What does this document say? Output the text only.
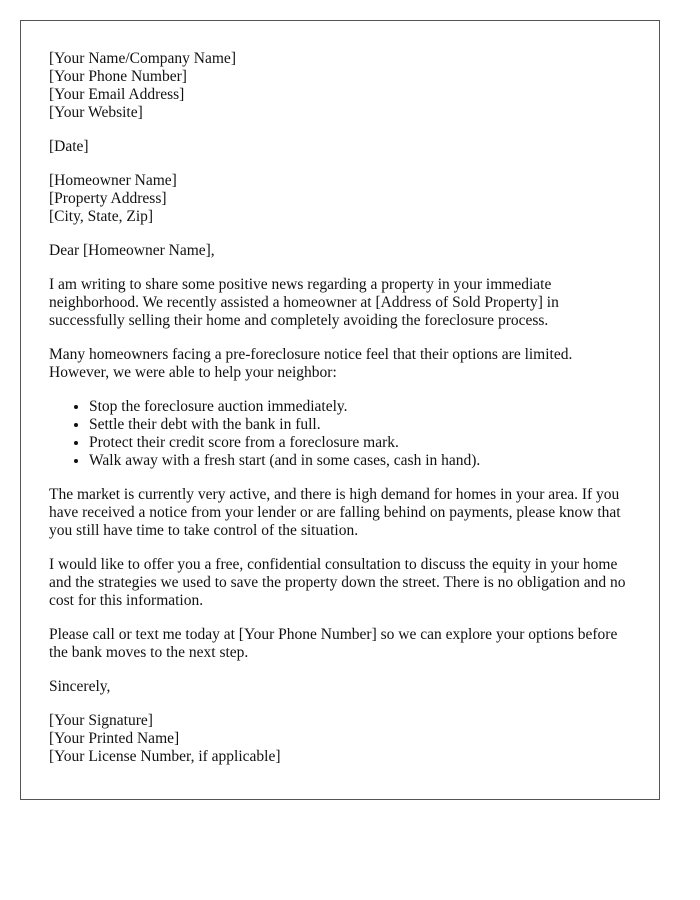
[Your Name/Company Name]
[Your Phone Number]
[Your Email Address]
[Your Website]
[Date]
[Homeowner Name]
[Property Address]
[City, State, Zip]

Dear [Homeowner Name],

I am writing to share some positive news regarding a property in your immediate neighborhood. We recently assisted a homeowner at [Address of Sold Property] in successfully selling their home and completely avoiding the foreclosure process.

Many homeowners facing a pre-foreclosure notice feel that their options are limited. However, we were able to help your neighbor:

• Stop the foreclosure auction immediately.
• Settle their debt with the bank in full.
• Protect their credit score from a foreclosure mark.
• Walk away with a fresh start (and in some cases, cash in hand).

The market is currently very active, and there is high demand for homes in your area. If you have received a notice from your lender or are falling behind on payments, please know that you still have time to take control of the situation.

I would like to offer you a free, confidential consultation to discuss the equity in your home and the strategies we used to save the property down the street. There is no obligation and no cost for this information.

Please call or text me today at [Your Phone Number] so we can explore your options before the bank moves to the next step.

Sincerely,

[Your Signature]
[Your Printed Name]
[Your License Number, if applicable]
